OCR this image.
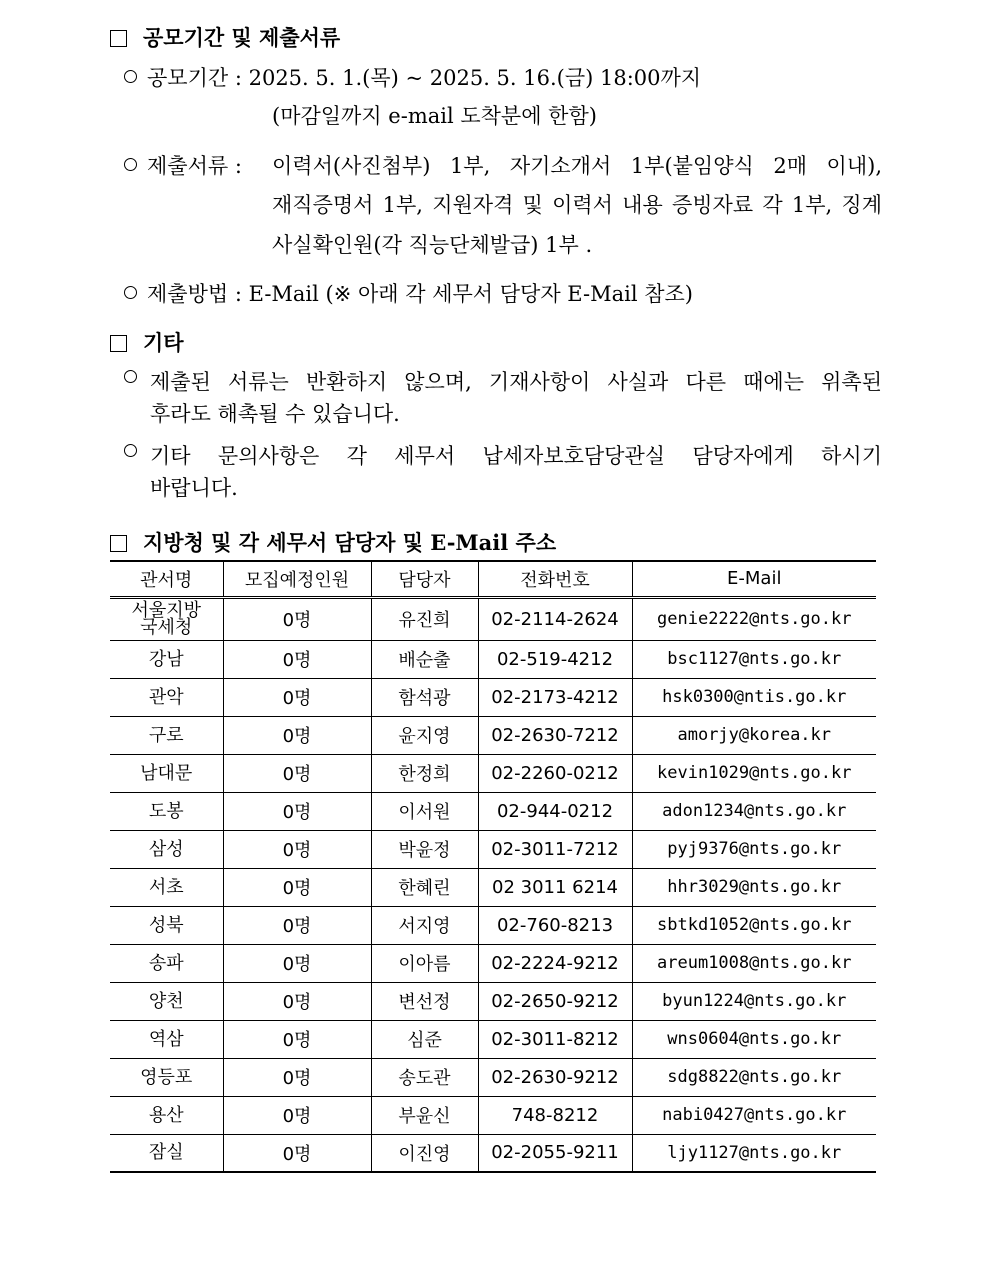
공모기간 및 제출서류
공모기간 : 2025. 5. 1.(목) ~ 2025. 5. 16.(금) 18:00까지
(마감일까지 e-mail 도착분에 한함)
제출서류 : 이력서(사진첨부) 1부, 자기소개서 1부(붙임양식 2매 이내),
재직증명서 1부, 지원자격 및 이력서 내용 증빙자료 각 1부, 징계
사실확인원(각 직능단체발급) 1부 .
제출방법 : E-Mail (※ 아래 각 세무서 담당자 E-Mail 참조)
기타
제출된 서류는 반환하지 않으며, 기재사항이 사실과 다른 때에는 위촉된
후라도 해촉될 수 있습니다.
기타 문의사항은 각 세무서 납세자보호담당관실 담당자에게 하시기
바랍니다.
지방청 및 각 세무서 담당자 및 E-Mail 주소
관서명	모집예정인원	담당자	전화번호	E-Mail
서울지방
국세청	0명	유진희	02-2114-2624	genie2222@nts.go.kr
강남	0명	배순출	02-519-4212	bsc1127@nts.go.kr
관악	0명	함석광	02-2173-4212	hsk0300@ntis.go.kr
구로	0명	윤지영	02-2630-7212	amorjy@korea.kr
남대문	0명	한정희	02-2260-0212	kevin1029@nts.go.kr
도봉	0명	이서원	02-944-0212	adon1234@nts.go.kr
삼성	0명	박윤정	02-3011-7212	pyj9376@nts.go.kr
서초	0명	한혜린	02 3011 6214	hhr3029@nts.go.kr
성북	0명	서지영	02-760-8213	sbtkd1052@nts.go.kr
송파	0명	이아름	02-2224-9212	areum1008@nts.go.kr
양천	0명	변선정	02-2650-9212	byun1224@nts.go.kr
역삼	0명	심준	02-3011-8212	wns0604@nts.go.kr
영등포	0명	송도관	02-2630-9212	sdg8822@nts.go.kr
용산	0명	부윤신	748-8212	nabi0427@nts.go.kr
잠실	0명	이진영	02-2055-9211	ljy1127@nts.go.kr
